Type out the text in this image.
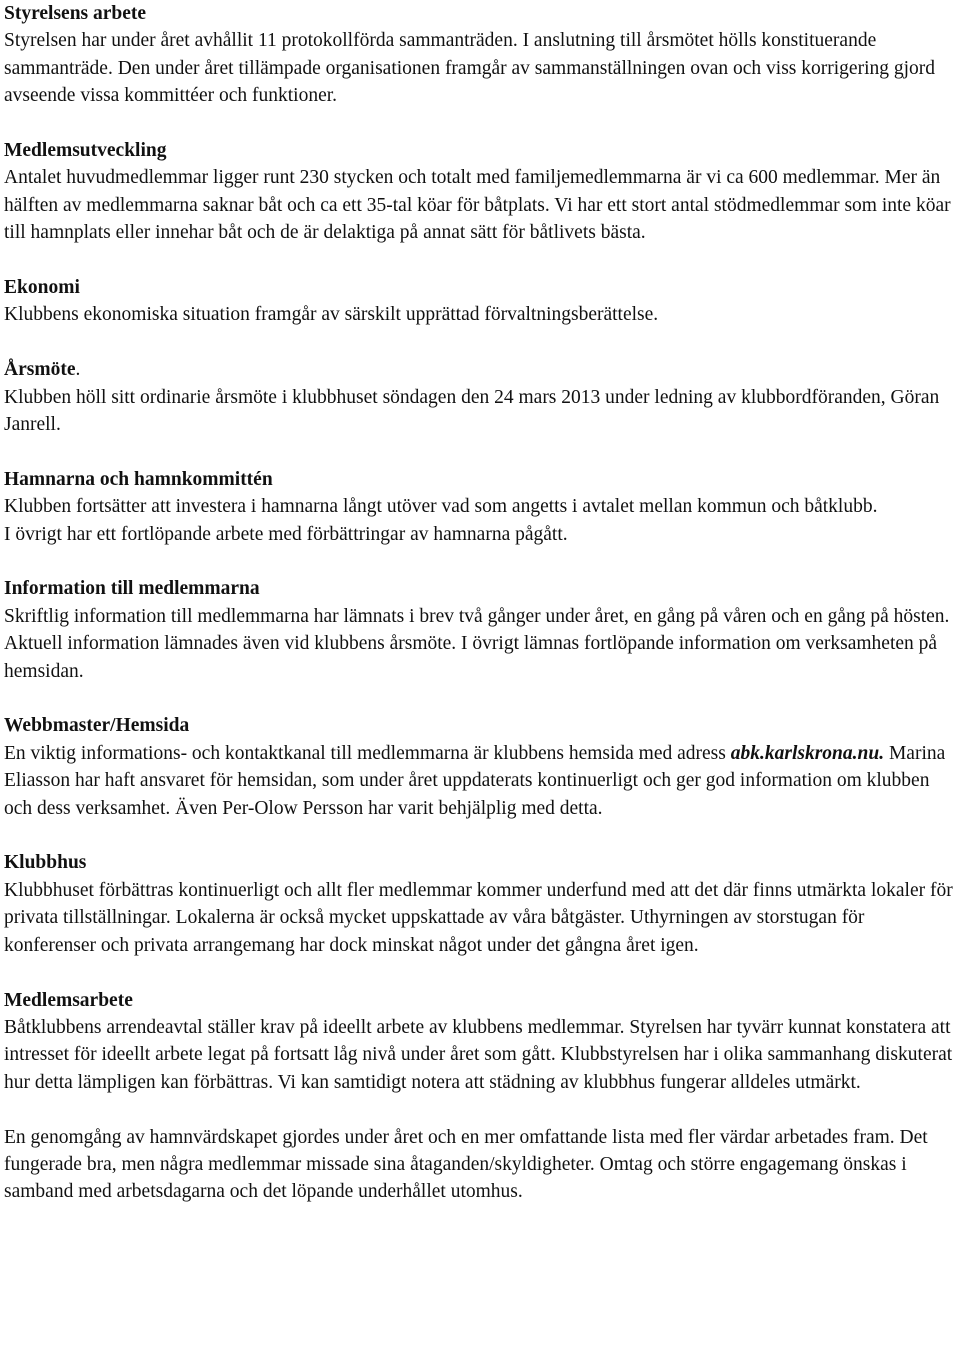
Styrelsens arbete

Styrelsen har under året avhållit 11 protokollförda sammanträden. I anslutning till årsmötet hölls konstituerande sammanträde. Den under året tillämpade organisationen framgår av sammanställningen ovan och viss korrigering gjord avseende vissa kommittéer och funktioner.

Medlemsutveckling

Antalet huvudmedlemmar ligger runt 230 stycken och totalt med familjemedlemmarna är vi ca 600 medlemmar. Mer än hälften av medlemmarna saknar båt och ca ett 35-tal köar för båtplats. Vi har ett stort antal stödmedlemmar som inte köar till hamnplats eller innehar båt och de är delaktiga på annat sätt för båtlivets bästa.

Ekonomi

Klubbens ekonomiska situation framgår av särskilt upprättad förvaltningsberättelse.

Årsmöte.

Klubben höll sitt ordinarie årsmöte i klubbhuset söndagen den 24 mars 2013 under ledning av klubbordföranden, Göran Janrell.

Hamnarna och hamnkommittén

Klubben fortsätter att investera i hamnarna långt utöver vad som angetts i avtalet mellan kommun och båtklubb.

I övrigt har ett fortlöpande arbete med förbättringar av hamnarna pågått.

Information till medlemmarna

Skriftlig information till medlemmarna har lämnats i brev två gånger under året, en gång på våren och en gång på hösten. Aktuell information lämnades även vid klubbens årsmöte. I övrigt lämnas fortlöpande information om verksamheten på hemsidan.

Webbmaster/Hemsida

En viktig informations- och kontaktkanal till medlemmarna är klubbens hemsida med adress abk.karlskrona.nu. Marina Eliasson har haft ansvaret för hemsidan, som under året uppdaterats kontinuerligt och ger god information om klubben och dess verksamhet. Även Per-Olow Persson har varit behjälplig med detta.

Klubbhus

Klubbhuset förbättras kontinuerligt och allt fler medlemmar kommer underfund med att det där finns utmärkta lokaler för privata tillställningar. Lokalerna är också mycket uppskattade av våra båtgäster. Uthyrningen av storstugan för konferenser och privata arrangemang har dock minskat något under det gångna året igen.

Medlemsarbete

Båtklubbens arrendeavtal ställer krav på ideellt arbete av klubbens medlemmar. Styrelsen har tyvärr kunnat konstatera att intresset för ideellt arbete legat på fortsatt låg nivå under året som gått. Klubbstyrelsen har i olika sammanhang diskuterat hur detta lämpligen kan förbättras. Vi kan samtidigt notera att städning av klubbhus fungerar alldeles utmärkt.

En genomgång av hamnvärdskapet gjordes under året och en mer omfattande lista med fler värdar arbetades fram. Det fungerade bra, men några medlemmar missade sina åtaganden/skyldigheter. Omtag och större engagemang önskas i samband med arbetsdagarna och det löpande underhållet utomhus.
